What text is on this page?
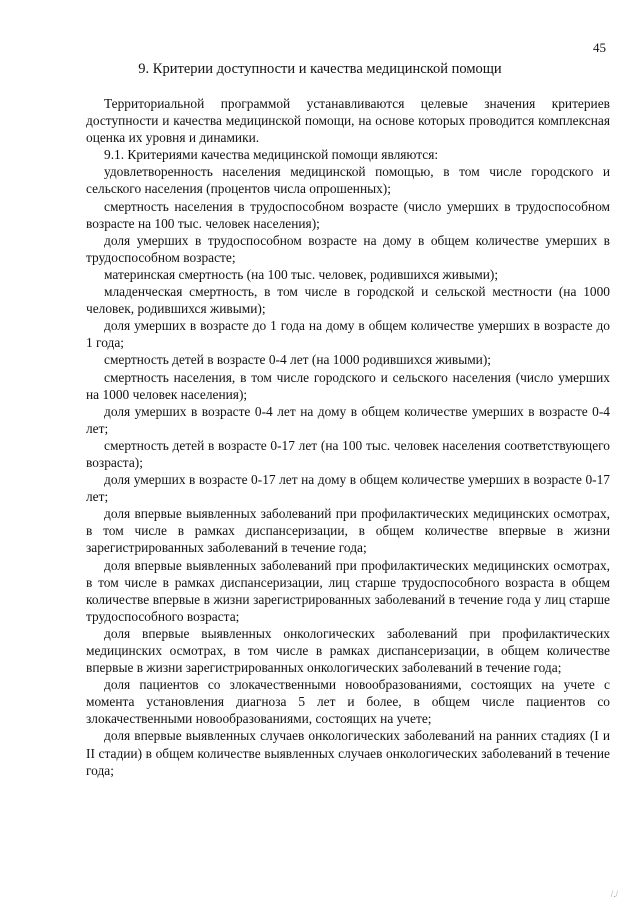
45
9. Критерии доступности и качества медицинской помощи

Территориальной программой устанавливаются целевые значения критериев доступности и качества медицинской помощи, на основе которых проводится комплексная оценка их уровня и динамики.

9.1. Критериями качества медицинской помощи являются:

удовлетворенность населения медицинской помощью, в том числе городского и сельского населения (процентов числа опрошенных);

смертность населения в трудоспособном возрасте (число умерших в трудоспособном возрасте на 100 тыс. человек населения);

доля умерших в трудоспособном возрасте на дому в общем количестве умерших в трудоспособном возрасте;

материнская смертность (на 100 тыс. человек, родившихся живыми);

младенческая смертность, в том числе в городской и сельской местности (на 1000 человек, родившихся живыми);

доля умерших в возрасте до 1 года на дому в общем количестве умерших в возрасте до 1 года;

смертность детей в возрасте 0-4 лет (на 1000 родившихся живыми);

смертность населения, в том числе городского и сельского населения (число умерших на 1000 человек населения);

доля умерших в возрасте 0-4 лет на дому в общем количестве умерших в возрасте 0-4 лет;

смертность детей в возрасте 0-17 лет (на 100 тыс. человек населения соответствующего возраста);

доля умерших в возрасте 0-17 лет на дому в общем количестве умерших в возрасте 0-17 лет;

доля впервые выявленных заболеваний при профилактических медицинских осмотрах, в том числе в рамках диспансеризации, в общем количестве впервые в жизни зарегистрированных заболеваний в течение года;

доля впервые выявленных заболеваний при профилактических медицинских осмотрах, в том числе в рамках диспансеризации, лиц старше трудоспособного возраста в общем количестве впервые в жизни зарегистрированных заболеваний в течение года у лиц старше трудоспособного возраста;

доля впервые выявленных онкологических заболеваний при профилактических медицинских осмотрах, в том числе в рамках диспансеризации, в общем количестве впервые в жизни зарегистрированных онкологических заболеваний в течение года;

доля пациентов со злокачественными новообразованиями, состоящих на учете с момента установления диагноза 5 лет и более, в общем числе пациентов со злокачественными новообразованиями, состоящих на учете;

доля впервые выявленных случаев онкологических заболеваний на ранних стадиях (I и II стадии) в общем количестве выявленных случаев онкологических заболеваний в течение года;

/./
